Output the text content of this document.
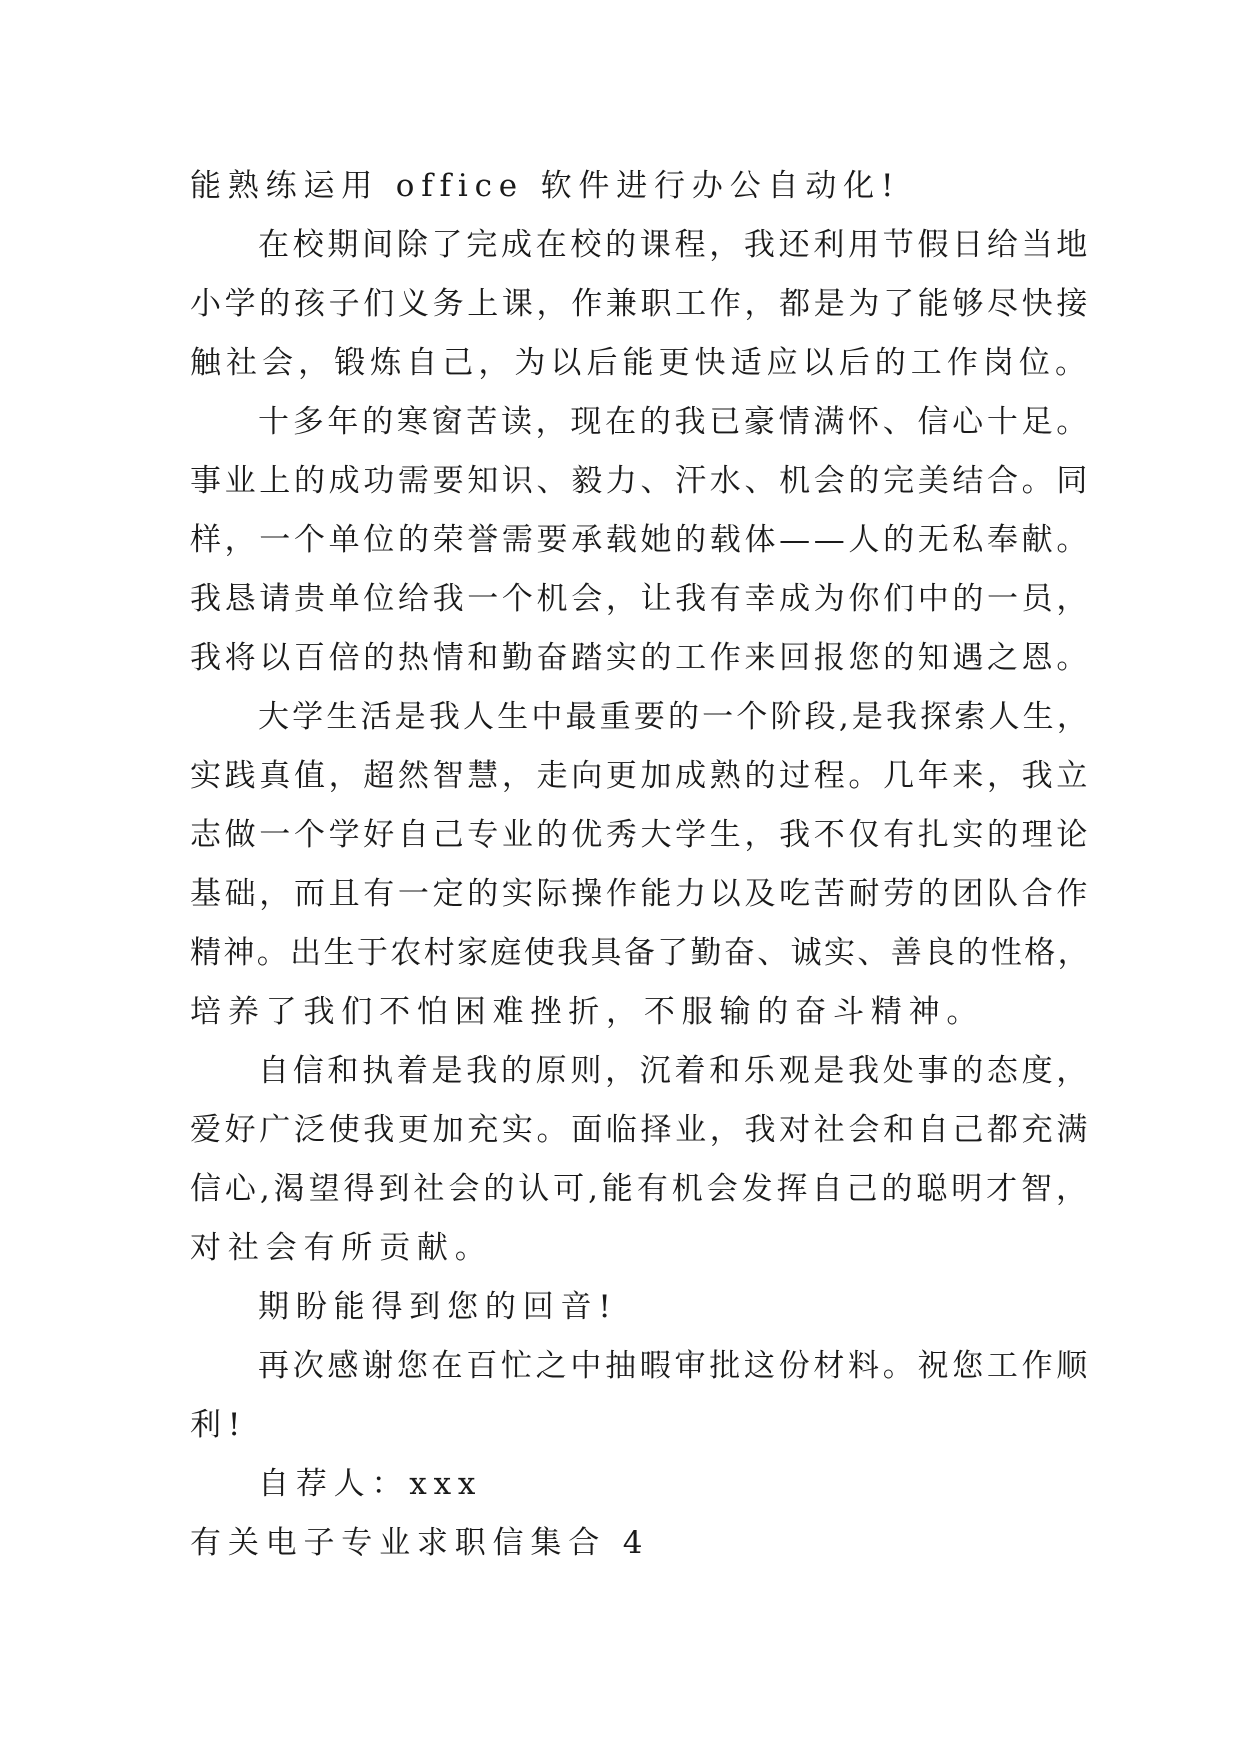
能熟练运用 office 软件进行办公自动化!
在校期间除了完成在校的课程，我还利用节假日给当地
小学的孩子们义务上课，作兼职工作，都是为了能够尽快接
触社会，锻炼自己，为以后能更快适应以后的工作岗位。
十多年的寒窗苦读，现在的我已豪情满怀、信心十足。
事业上的成功需要知识、毅力、汗水、机会的完美结合。同
样，一个单位的荣誉需要承载她的载体——人的无私奉献。
我恳请贵单位给我一个机会，让我有幸成为你们中的一员，
我将以百倍的热情和勤奋踏实的工作来回报您的知遇之恩。
大学生活是我人生中最重要的一个阶段,是我探索人生，
实践真值，超然智慧，走向更加成熟的过程。几年来，我立
志做一个学好自己专业的优秀大学生，我不仅有扎实的理论
基础，而且有一定的实际操作能力以及吃苦耐劳的团队合作
精神。出生于农村家庭使我具备了勤奋、诚实、善良的性格，
培养了我们不怕困难挫折，不服输的奋斗精神。
自信和执着是我的原则，沉着和乐观是我处事的态度，
爱好广泛使我更加充实。面临择业，我对社会和自己都充满
信心,渴望得到社会的认可,能有机会发挥自己的聪明才智，
对社会有所贡献。
期盼能得到您的回音!
再次感谢您在百忙之中抽暇审批这份材料。祝您工作顺
利!
自荐人：xxx
有关电子专业求职信集合 4
